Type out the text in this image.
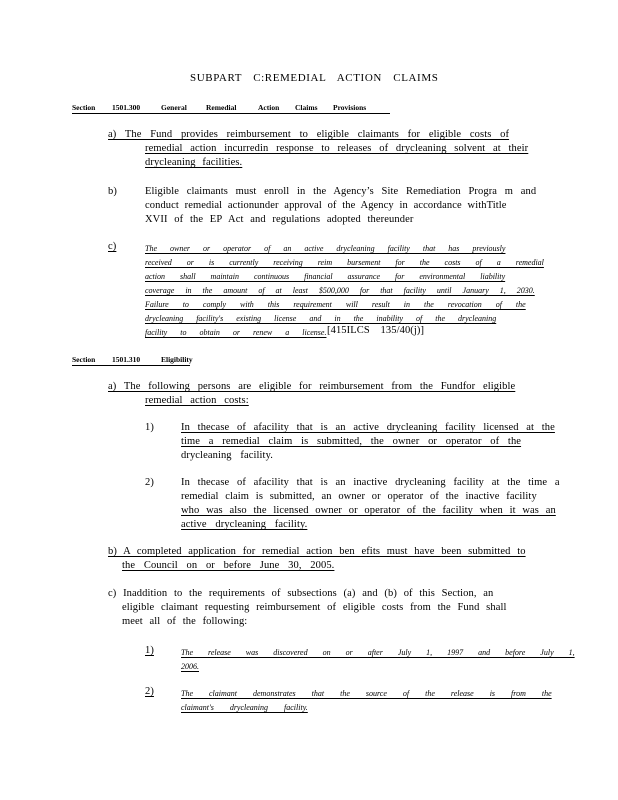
SUBPART C:REMEDIAL ACTION CLAIMS
Section 1501.300	General	Remedial	Action Claims Provisions
a) The Fund provides reimbursement to eligible claimants for eligible costs of
remedial action incurredin response to releases of drycleaning solvent at their
drycleaning facilities.
b)	Eligible claimants must enroll in the Agency’s Site Remediation Progra m and
conduct remedial actionunder approval of the Agency in accordance withTitle
XVII of the EP Act and regulations adopted thereunder
c)	The owner or operator of an active drycleaning facility that has previously
received or is currently receiving reim bursement for the costs of a remedial
action shall maintain continuous financial assurance for environmental liability
coverage in the amount of at least $500,000 for that facility until January 1, 2030.
Failure to comply with this requirement will result in the revocation of the
drycleaning facility's existing license and in the inability of the drycleaning
facility to obtain or renew a license. [415ILCS 135/40(j)]
Section 1501.310	Eligibility
a) The following persons are eligible for reimbursement from the Fundfor eligible
remedial action costs:
1)	In thecase of afacility that is an active drycleaning facility licensed at the
time a remedial claim is submitted, the owner or operator of the
drycleaning facility.
2)	In thecase of afacility that is an inactive drycleaning facility at the time a
remedial claim is submitted, an owner or operator of the inactive facility
who was also the licensed owner or operator of the facility when it was an
active drycleaning facility.
b) A completed application for remedial action ben efits must have been submitted to
the Council on or before June 30, 2005.
c) Inaddition to the requirements of subsections (a) and (b) of this Section, an
eligible claimant requesting reimbursement of eligible costs from the Fund shall
meet all of the following:
1)	The release was discovered on or after July 1, 1997 and before July 1,
2006.
2)	The claimant demonstrates that the source of the release is from the
claimant's drycleaning facility.
